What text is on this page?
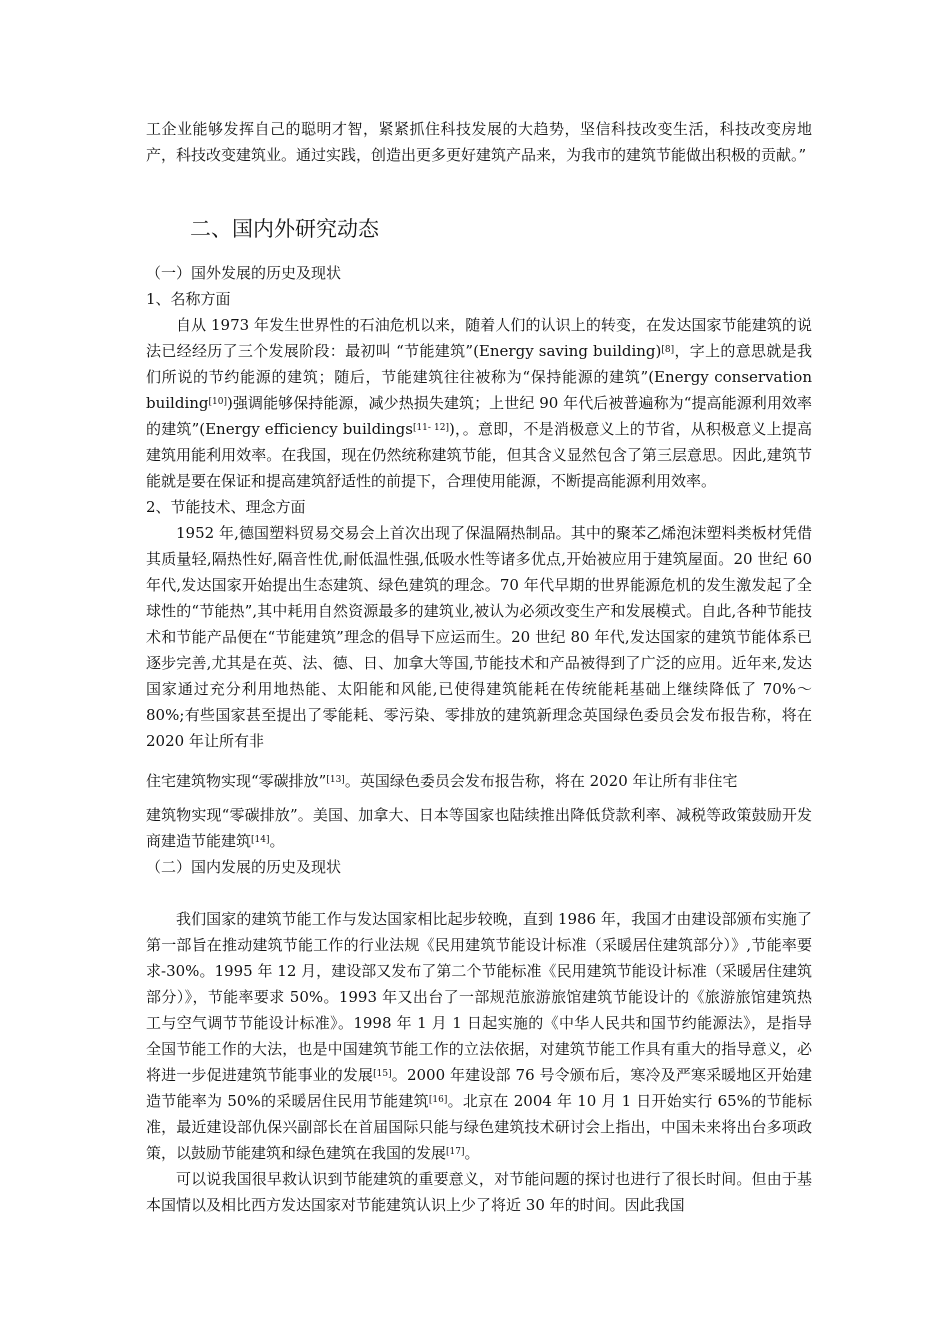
工企业能够发挥自己的聪明才智，紧紧抓住科技发展的大趋势，坚信科技改变生活，科技改变房地产，科技改变建筑业。通过实践，创造出更多更好建筑产品来，为我市的建筑节能做出积极的贡献。”

二、国内外研究动态
（一）国外发展的历史及现状
1、名称方面

自从 1973 年发生世界性的石油危机以来，随着人们的认识上的转变，在发达国家节能建筑的说法已经经历了三个发展阶段：最初叫 “节能建筑”(Energy saving building)[8]，字上的意思就是我们所说的节约能源的建筑；随后，节能建筑往往被称为“保持能源的建筑”(Energy conservation building[10])强调能够保持能源，减少热损失建筑；上世纪 90 年代后被普遍称为“提高能源利用效率的建筑”(Energy efficiency buildings[11- 12])，。意即，不是消极意义上的节省，从积极意义上提高建筑用能利用效率。在我国，现在仍然统称建筑节能，但其含义显然包含了第三层意思。因此,建筑节能就是要在保证和提高建筑舒适性的前提下，合理使用能源，不断提高能源利用效率。

2、节能技术、理念方面

1952 年,德国塑料贸易交易会上首次出现了保温隔热制品。其中的聚苯乙烯泡沫塑料类板材凭借其质量轻,隔热性好,隔音性优,耐低温性强,低吸水性等诸多优点,开始被应用于建筑屋面。20 世纪 60 年代,发达国家开始提出生态建筑、绿色建筑的理念。70 年代早期的世界能源危机的发生激发起了全球性的“节能热”,其中耗用自然资源最多的建筑业,被认为必须改变生产和发展模式。自此,各种节能技术和节能产品便在“节能建筑”理念的倡导下应运而生。20 世纪 80 年代,发达国家的建筑节能体系已逐步完善,尤其是在英、法、德、日、加拿大等国,节能技术和产品被得到了广泛的应用。近年来,发达国家通过充分利用地热能、太阳能和风能,已使得建筑能耗在传统能耗基础上继续降低了 70%～80%;有些国家甚至提出了零能耗、零污染、零排放的建筑新理念英国绿色委员会发布报告称，将在 2020 年让所有非

住宅建筑物实现“零碳排放”[13]。英国绿色委员会发布报告称，将在 2020 年让所有非住宅

建筑物实现“零碳排放”。美国、加拿大、日本等国家也陆续推出降低贷款利率、减税等政策鼓励开发商建造节能建筑[14]。

（二）国内发展的历史及现状

我们国家的建筑节能工作与发达国家相比起步较晚，直到 1986 年，我国才由建设部颁布实施了第一部旨在推动建筑节能工作的行业法规《民用建筑节能设计标准（采暖居住建筑部分）》,节能率要求-30%。1995 年 12 月，建设部又发布了第二个节能标准《民用建筑节能设计标准（采暖居住建筑部分）》，节能率要求 50%。1993 年又出台了一部规范旅游旅馆建筑节能设计的《旅游旅馆建筑热工与空气调节节能设计标准》。1998 年 1 月 1 日起实施的《中华人民共和国节约能源法》，是指导全国节能工作的大法，也是中国建筑节能工作的立法依据，对建筑节能工作具有重大的指导意义，必将进一步促进建筑节能事业的发展[15]。2000 年建设部 76 号令颁布后，寒冷及严寒采暖地区开始建造节能率为 50%的采暖居住民用节能建筑[16]。北京在 2004 年 10 月 1 日开始实行 65%的节能标准，最近建设部仇保兴副部长在首届国际只能与绿色建筑技术研讨会上指出，中国未来将出台多项政策，以鼓励节能建筑和绿色建筑在我国的发展[17]。

可以说我国很早救认识到节能建筑的重要意义，对节能问题的探讨也进行了很长时间。但由于基本国情以及相比西方发达国家对节能建筑认识上少了将近 30 年的时间。因此我国
